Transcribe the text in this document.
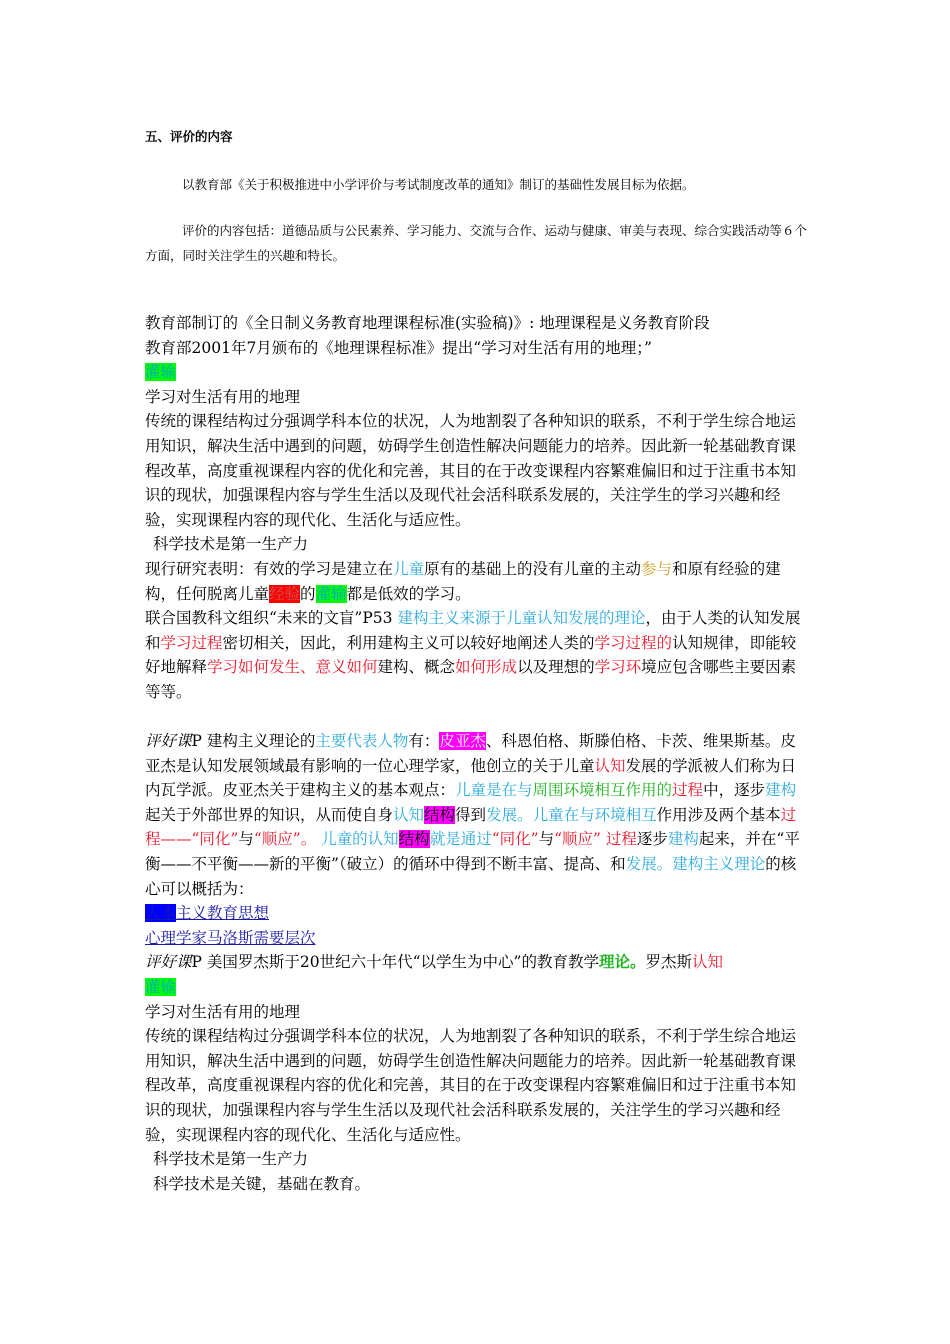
五、评价的内容
以教育部《关于积极推进中小学评价与考试制度改革的通知》制订的基础性发展目标为依据。
评价的内容包括：道德品质与公民素养、学习能力、交流与合作、运动与健康、审美与表现、综合实践活动等６个方面，同时关注学生的兴趣和特长。
教育部制订的《全日制义务教育地理课程标准(实验稿)》: 地理课程是义务教育阶段
教育部2001年7月颁布的《地理课程标准》提出“学习对生活有用的地理；”
灌输
学习对生活有用的地理
传统的课程结构过分强调学科本位的状况，人为地割裂了各种知识的联系，不利于学生综合地运用知识，解决生活中遇到的问题，妨碍学生创造性解决问题能力的培养。因此新一轮基础教育课程改革，高度重视课程内容的优化和完善，其目的在于改变课程内容繁难偏旧和过于注重书本知识的现状，加强课程内容与学生生活以及现代社会活科联系发展的，关注学生的学习兴趣和经验，实现课程内容的现代化、生活化与适应性。
科学技术是第一生产力
现行研究表明：有效的学习是建立在儿童原有的基础上的没有儿童的主动参与和原有经验的建构，任何脱离儿童经验的灌输都是低效的学习。
联合国教科文组织“未来的文盲”P53 建构主义来源于儿童认知发展的理论，由于人类的认知发展和学习过程密切相关，因此，利用建构主义可以较好地阐述人类的学习过程的认知规律，即能较好地解释学习如何发生、意义如何建构、概念如何形成以及理想的学习环境应包含哪些主要因素等等。
评好课P 建构主义理论的主要代表人物有：皮亚杰、科恩伯格、斯滕伯格、卡茨、维果斯基。皮亚杰是认知发展领域最有影响的一位心理学家，他创立的关于儿童认知发展的学派被人们称为日内瓦学派。皮亚杰关于建构主义的基本观点：儿童是在与周围环境相互作用的过程中，逐步建构起关于外部世界的知识，从而使自身认知结构得到发展。儿童在与环境相互作用涉及两个基本过程——“同化”与“顺应”。 儿童的认知结构就是通过“同化”与“顺应” 过程逐步建构起来，并在“平衡——不平衡——新的平衡”（破立）的循环中得到不断丰富、提高、和发展。建构主义理论的核心可以概括为：
人本主义教育思想
心理学家马洛斯需要层次
评好课P 美国罗杰斯于20世纪六十年代“以学生为中心”的教育教学理论。罗杰斯认知
灌输
学习对生活有用的地理
传统的课程结构过分强调学科本位的状况，人为地割裂了各种知识的联系，不利于学生综合地运用知识，解决生活中遇到的问题，妨碍学生创造性解决问题能力的培养。因此新一轮基础教育课程改革，高度重视课程内容的优化和完善，其目的在于改变课程内容繁难偏旧和过于注重书本知识的现状，加强课程内容与学生生活以及现代社会活科联系发展的，关注学生的学习兴趣和经验，实现课程内容的现代化、生活化与适应性。
科学技术是第一生产力
科学技术是关键，基础在教育。
